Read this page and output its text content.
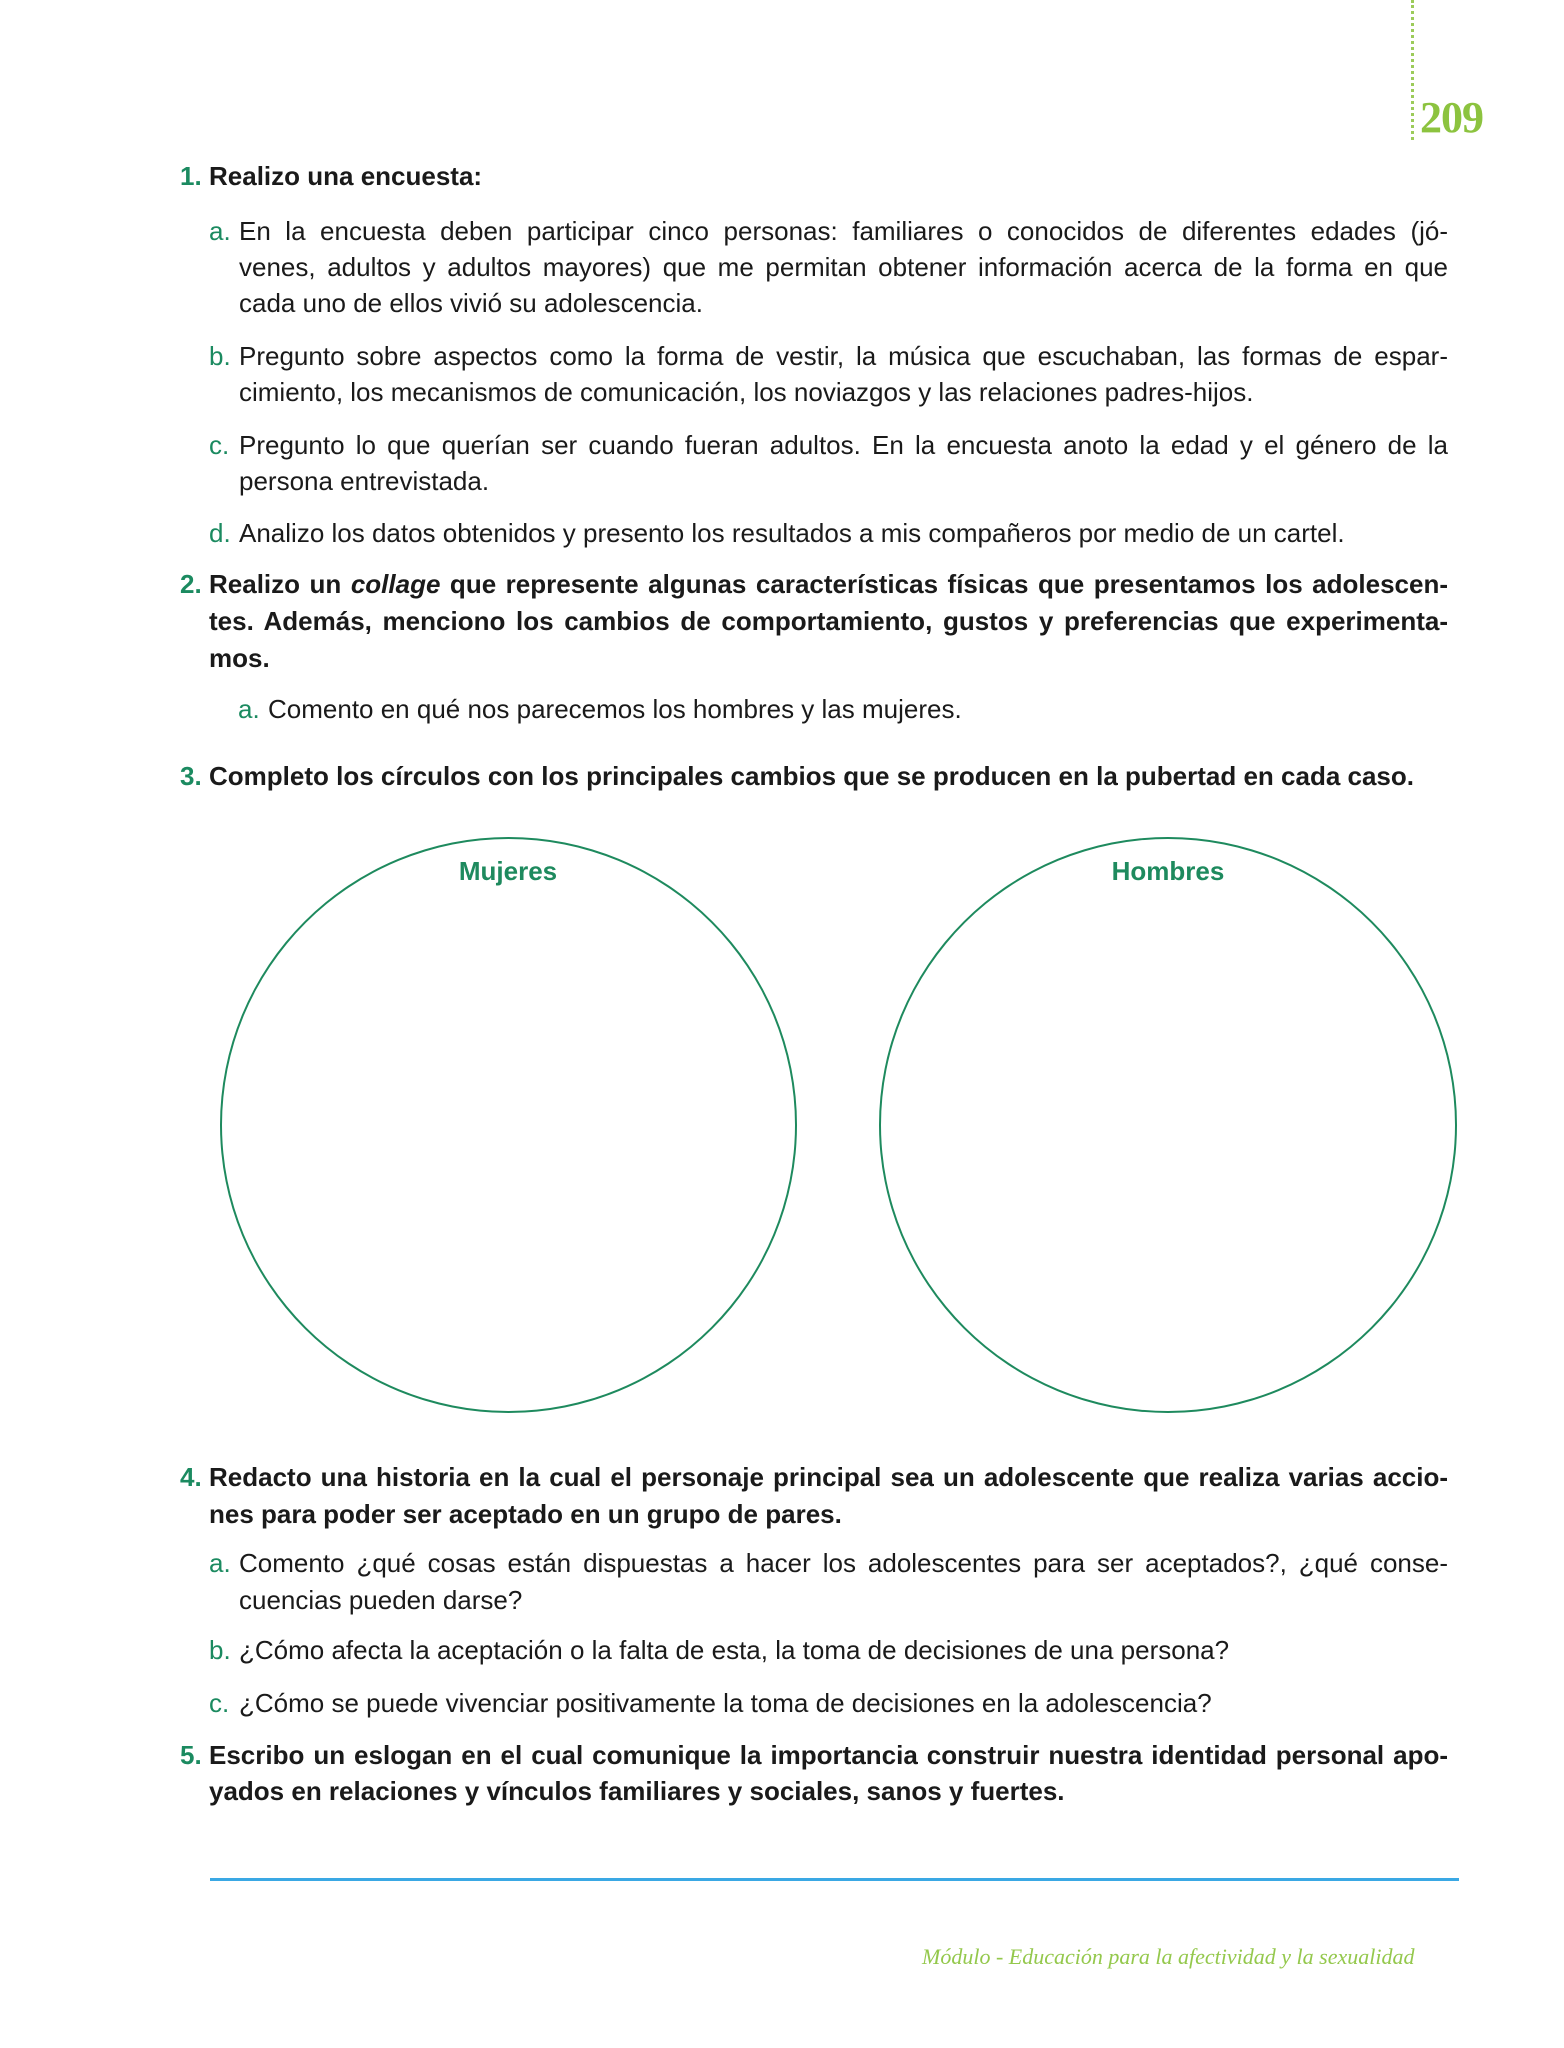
209
1. Realizo una encuesta:
a. En la encuesta deben participar cinco personas: familiares o conocidos de diferentes edades (jó-
venes, adultos y adultos mayores) que me permitan obtener información acerca de la forma en que
cada uno de ellos vivió su adolescencia.
b. Pregunto sobre aspectos como la forma de vestir, la música que escuchaban, las formas de espar-
cimiento, los mecanismos de comunicación, los noviazgos y las relaciones padres-hijos.
c. Pregunto lo que querían ser cuando fueran adultos. En la encuesta anoto la edad y el género de la
persona entrevistada.
d. Analizo los datos obtenidos y presento los resultados a mis compañeros por medio de un cartel.
2. Realizo un collage que represente algunas características físicas que presentamos los adolescen-
tes. Además, menciono los cambios de comportamiento, gustos y preferencias que experimenta-
mos.
a. Comento en qué nos parecemos los hombres y las mujeres.
3. Completo los círculos con los principales cambios que se producen en la pubertad en cada caso.
Mujeres	Hombres
4. Redacto una historia en la cual el personaje principal sea un adolescente que realiza varias accio-
nes para poder ser aceptado en un grupo de pares.
a. Comento ¿qué cosas están dispuestas a hacer los adolescentes para ser aceptados?, ¿qué conse-
cuencias pueden darse?
b. ¿Cómo afecta la aceptación o la falta de esta, la toma de decisiones de una persona?
c. ¿Cómo se puede vivenciar positivamente la toma de decisiones en la adolescencia?
5. Escribo un eslogan en el cual comunique la importancia construir nuestra identidad personal apo-
yados en relaciones y vínculos familiares y sociales, sanos y fuertes.
Módulo - Educación para la afectividad y la sexualidad
